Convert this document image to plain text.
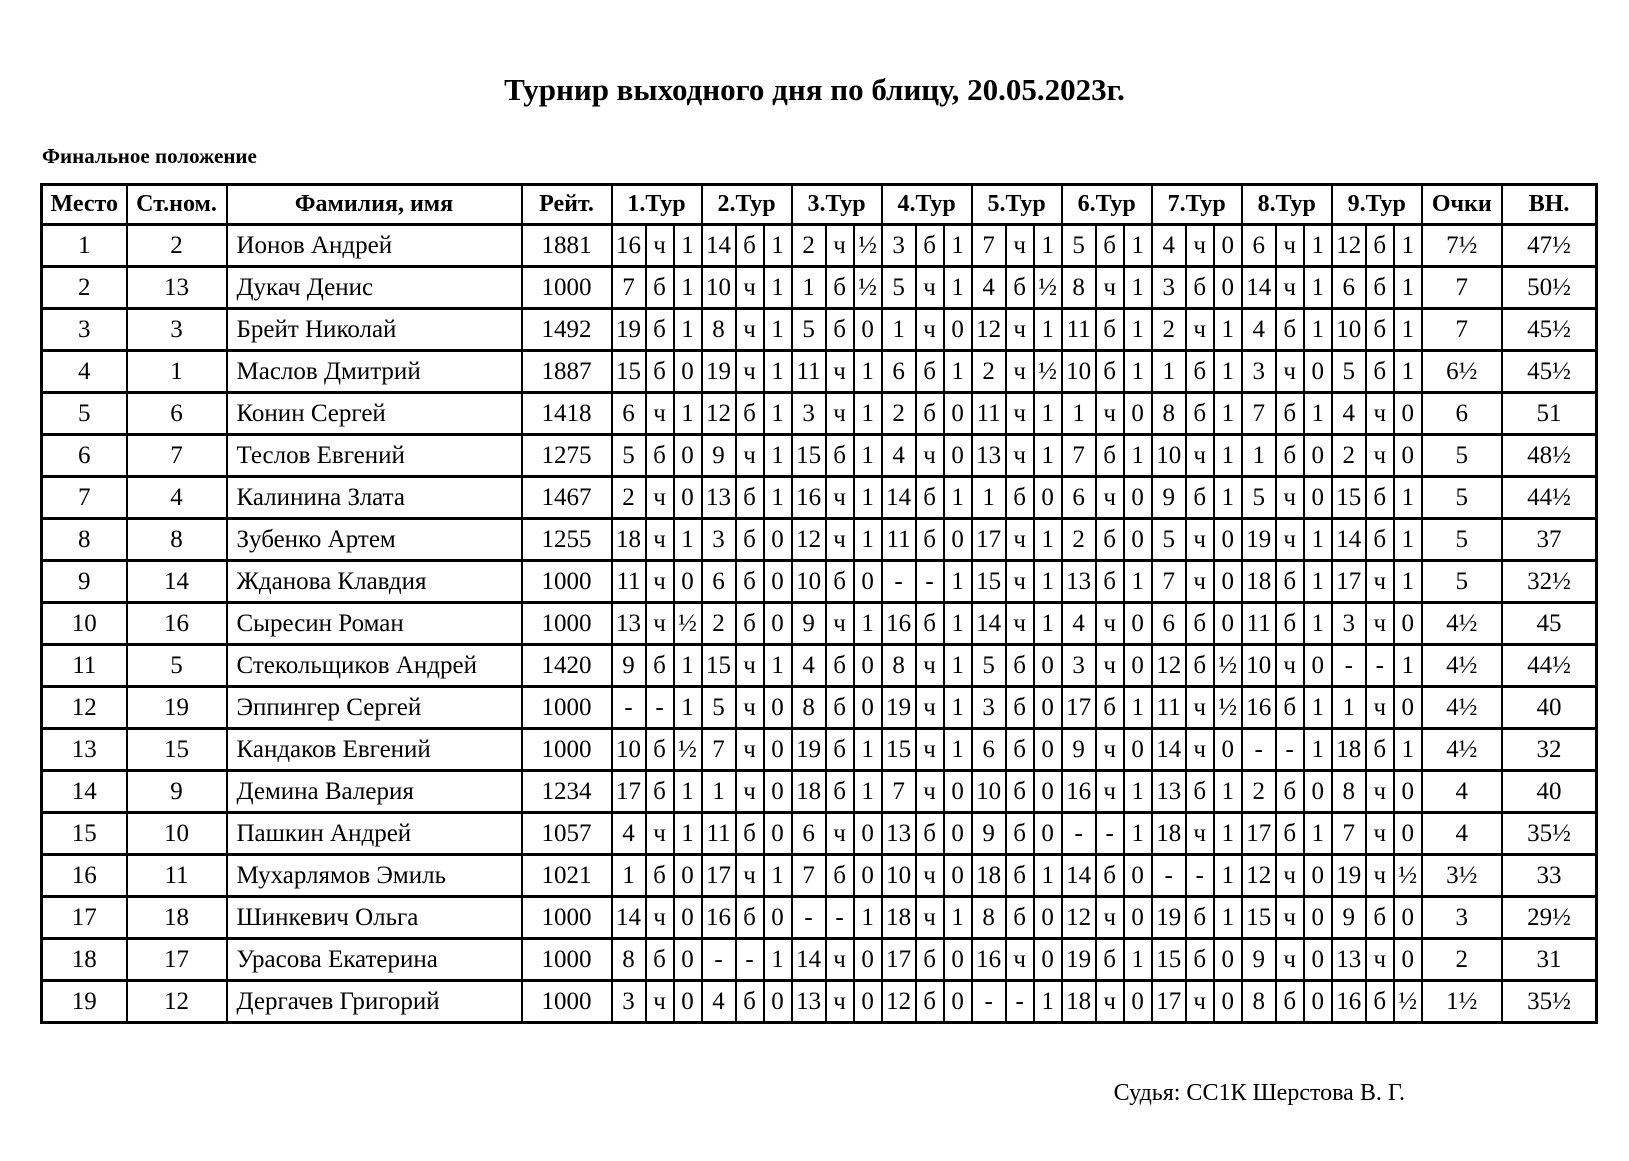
Турнир выходного дня по блицу, 20.05.2023г.
Финальное положение
Место	Ст.ном.	Фамилия, имя	Рейт.	1.Тур			2.Тур			3.Тур			4.Тур			5.Тур			6.Тур			7.Тур			8.Тур			9.Тур			Очки	ВН.
1	2	Ионов Андрей	1881	16	ч	1	14	б	1	2	ч	½	3	б	1	7	ч	1	5	б	1	4	ч	0	6	ч	1	12	б	1	7½	47½
2	13	Дукач Денис	1000	7	б	1	10	ч	1	1	б	½	5	ч	1	4	б	½	8	ч	1	3	б	0	14	ч	1	6	б	1	7	50½
3	3	Брейт Николай	1492	19	б	1	8	ч	1	5	б	0	1	ч	0	12	ч	1	11	б	1	2	ч	1	4	б	1	10	б	1	7	45½
4	1	Маслов Дмитрий	1887	15	б	0	19	ч	1	11	ч	1	6	б	1	2	ч	½	10	б	1	1	б	1	3	ч	0	5	б	1	6½	45½
5	6	Конин Сергей	1418	6	ч	1	12	б	1	3	ч	1	2	б	0	11	ч	1	1	ч	0	8	б	1	7	б	1	4	ч	0	6	51
6	7	Теслов Евгений	1275	5	б	0	9	ч	1	15	б	1	4	ч	0	13	ч	1	7	б	1	10	ч	1	1	б	0	2	ч	0	5	48½
7	4	Калинина Злата	1467	2	ч	0	13	б	1	16	ч	1	14	б	1	1	б	0	6	ч	0	9	б	1	5	ч	0	15	б	1	5	44½
8	8	Зубенко Артем	1255	18	ч	1	3	б	0	12	ч	1	11	б	0	17	ч	1	2	б	0	5	ч	0	19	ч	1	14	б	1	5	37
9	14	Жданова Клавдия	1000	11	ч	0	6	б	0	10	б	0	-	-	1	15	ч	1	13	б	1	7	ч	0	18	б	1	17	ч	1	5	32½
10	16	Сыресин Роман	1000	13	ч	½	2	б	0	9	ч	1	16	б	1	14	ч	1	4	ч	0	6	б	0	11	б	1	3	ч	0	4½	45
11	5	Стекольщиков Андрей	1420	9	б	1	15	ч	1	4	б	0	8	ч	1	5	б	0	3	ч	0	12	б	½	10	ч	0	-	-	1	4½	44½
12	19	Эппингер Сергей	1000	-	-	1	5	ч	0	8	б	0	19	ч	1	3	б	0	17	б	1	11	ч	½	16	б	1	1	ч	0	4½	40
13	15	Кандаков Евгений	1000	10	б	½	7	ч	0	19	б	1	15	ч	1	6	б	0	9	ч	0	14	ч	0	-	-	1	18	б	1	4½	32
14	9	Демина Валерия	1234	17	б	1	1	ч	0	18	б	1	7	ч	0	10	б	0	16	ч	1	13	б	1	2	б	0	8	ч	0	4	40
15	10	Пашкин Андрей	1057	4	ч	1	11	б	0	6	ч	0	13	б	0	9	б	0	-	-	1	18	ч	1	17	б	1	7	ч	0	4	35½
16	11	Мухарлямов Эмиль	1021	1	б	0	17	ч	1	7	б	0	10	ч	0	18	б	1	14	б	0	-	-	1	12	ч	0	19	ч	½	3½	33
17	18	Шинкевич Ольга	1000	14	ч	0	16	б	0	-	-	1	18	ч	1	8	б	0	12	ч	0	19	б	1	15	ч	0	9	б	0	3	29½
18	17	Урасова Екатерина	1000	8	б	0	-	-	1	14	ч	0	17	б	0	16	ч	0	19	б	1	15	б	0	9	ч	0	13	ч	0	2	31
19	12	Дергачев Григорий	1000	3	ч	0	4	б	0	13	ч	0	12	б	0	-	-	1	18	ч	0	17	ч	0	8	б	0	16	б	½	1½	35½
Судья: СС1К Шерстова В. Г.
